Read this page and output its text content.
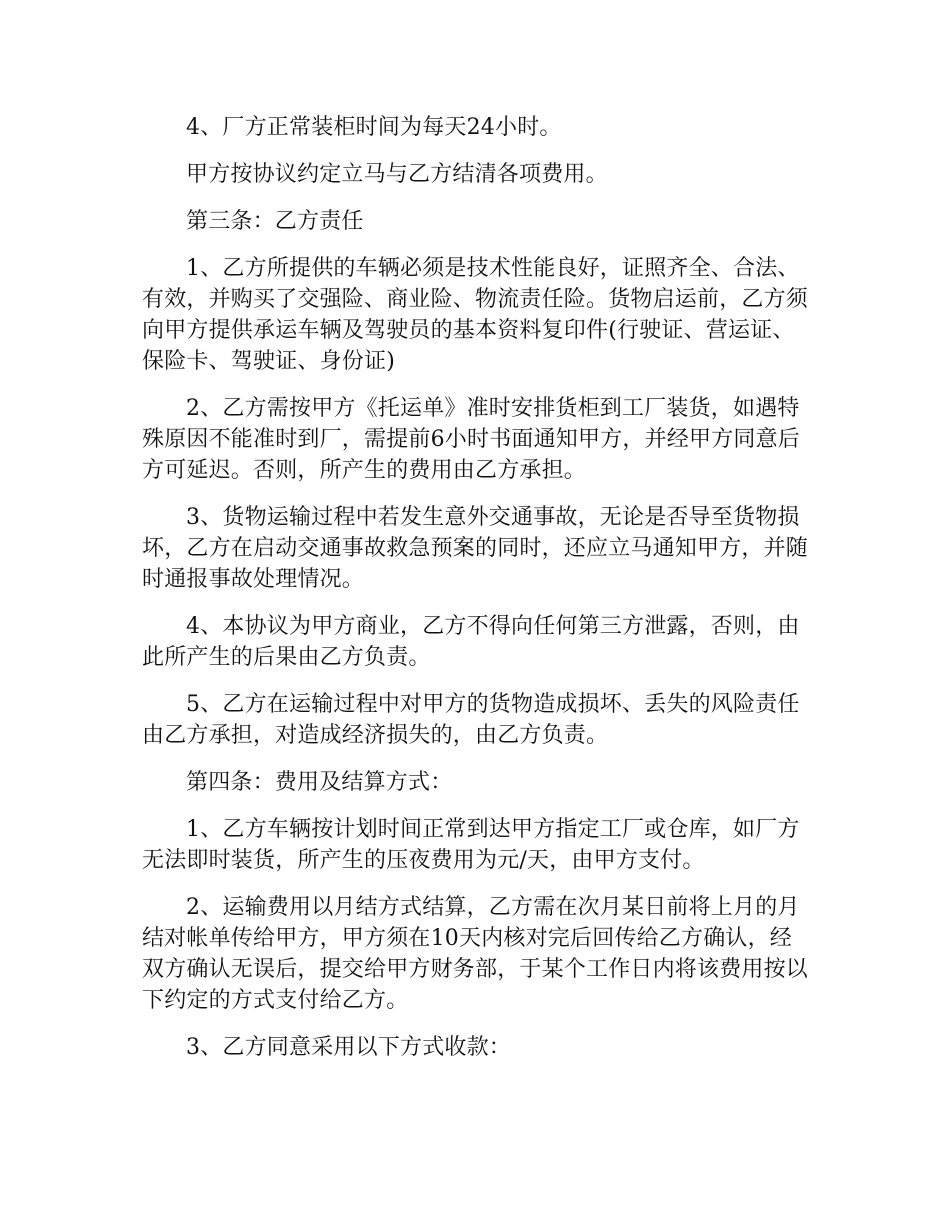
4、厂方正常装柜时间为每天24小时。

甲方按协议约定立马与乙方结清各项费用。

第三条：乙方责任

1、乙方所提供的车辆必须是技术性能良好，证照齐全、合法、有效，并购买了交强险、商业险、物流责任险。货物启运前，乙方须向甲方提供承运车辆及驾驶员的基本资料复印件(行驶证、营运证、保险卡、驾驶证、身份证)

2、乙方需按甲方《托运单》准时安排货柜到工厂装货，如遇特殊原因不能准时到厂，需提前6小时书面通知甲方，并经甲方同意后方可延迟。否则，所产生的费用由乙方承担。

3、货物运输过程中若发生意外交通事故，无论是否导至货物损坏，乙方在启动交通事故救急预案的同时，还应立马通知甲方，并随时通报事故处理情况。

4、本协议为甲方商业，乙方不得向任何第三方泄露，否则，由此所产生的后果由乙方负责。

5、乙方在运输过程中对甲方的货物造成损坏、丢失的风险责任由乙方承担，对造成经济损失的，由乙方负责。

第四条：费用及结算方式：

1、乙方车辆按计划时间正常到达甲方指定工厂或仓库，如厂方无法即时装货，所产生的压夜费用为元/天，由甲方支付。

2、运输费用以月结方式结算，乙方需在次月某日前将上月的月结对帐单传给甲方，甲方须在10天内核对完后回传给乙方确认，经双方确认无误后，提交给甲方财务部，于某个工作日内将该费用按以下约定的方式支付给乙方。

3、乙方同意采用以下方式收款：
